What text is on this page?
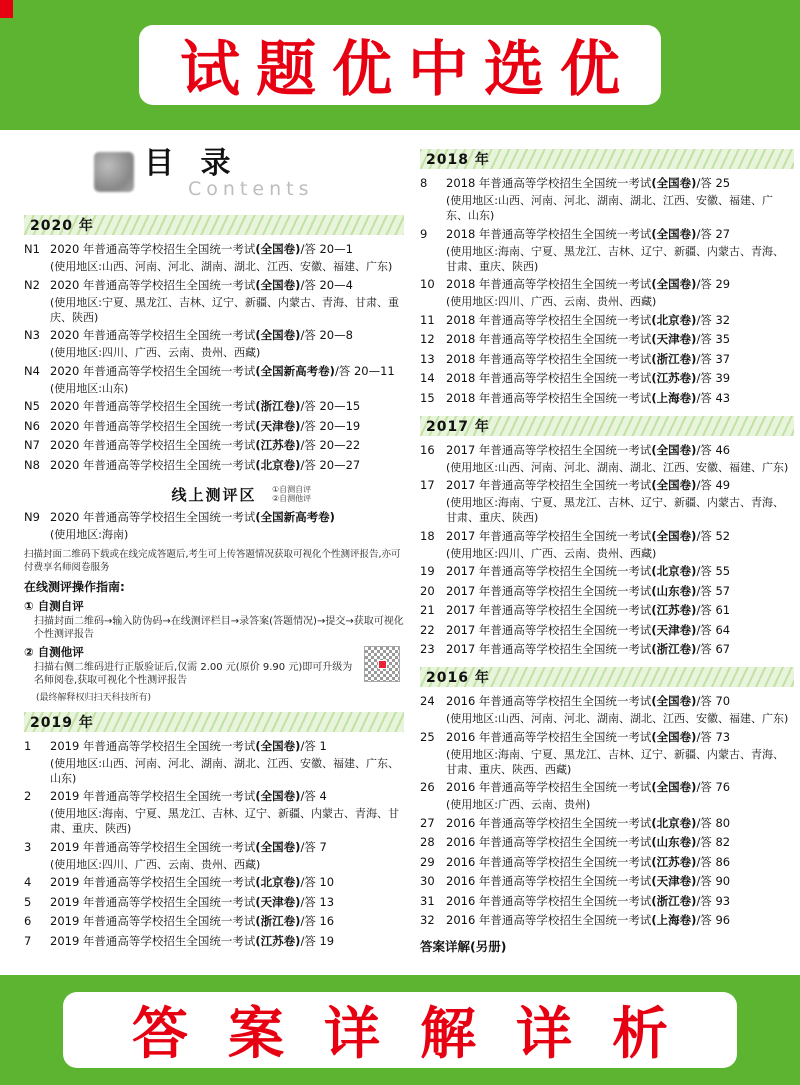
试题优中选优
目 录
Contents
2020 年
N1 2020 年普通高等学校招生全国统一考试(全国卷)/答 20—1
(使用地区:山西、河南、河北、湖南、湖北、江西、安徽、福建、广东)
N2 2020 年普通高等学校招生全国统一考试(全国卷)/答 20—4
(使用地区:宁夏、黑龙江、吉林、辽宁、新疆、内蒙古、青海、甘肃、重庆、陕西)
N3 2020 年普通高等学校招生全国统一考试(全国卷)/答 20—8
(使用地区:四川、广西、云南、贵州、西藏)
N4 2020 年普通高等学校招生全国统一考试(全国新高考卷)/答 20—11
(使用地区:山东)
N5 2020 年普通高等学校招生全国统一考试(浙江卷)/答 20—15
N6 2020 年普通高等学校招生全国统一考试(天津卷)/答 20—19
N7 2020 年普通高等学校招生全国统一考试(江苏卷)/答 20—22
N8 2020 年普通高等学校招生全国统一考试(北京卷)/答 20—27
线上测评区 ①自测自评
②自测他评
N9 2020 年普通高等学校招生全国统一考试(全国新高考卷)
(使用地区:海南)

扫描封面二维码下载或在线完成答题后,考生可上传答题情况获取可视化个性测评报告,亦可付费享名师阅卷服务

在线测评操作指南:

① 自测自评

扫描封面二维码→输入防伪码→在线测评栏目→录答案(答题情况)→提交→获取可视化个性测评报告

② 自测他评

扫描右侧二维码进行正版验证后,仅需 2.00 元(原价 9.90 元)即可升级为名师阅卷,获取可视化个性测评报告

(最终解释权归扫天科技所有)

2019 年
1	2019 年普通高等学校招生全国统一考试(全国卷)/答 1
(使用地区:山西、河南、河北、湖南、湖北、江西、安徽、福建、广东、山东)
2	2019 年普通高等学校招生全国统一考试(全国卷)/答 4
(使用地区:海南、宁夏、黑龙江、吉林、辽宁、新疆、内蒙古、青海、甘肃、重庆、陕西)
3	2019 年普通高等学校招生全国统一考试(全国卷)/答 7
(使用地区:四川、广西、云南、贵州、西藏)
4	2019 年普通高等学校招生全国统一考试(北京卷)/答 10
5	2019 年普通高等学校招生全国统一考试(天津卷)/答 13
6	2019 年普通高等学校招生全国统一考试(浙江卷)/答 16
7	2019 年普通高等学校招生全国统一考试(江苏卷)/答 19
2018 年
8	2018 年普通高等学校招生全国统一考试(全国卷)/答 25
(使用地区:山西、河南、河北、湖南、湖北、江西、安徽、福建、广东、山东)
9	2018 年普通高等学校招生全国统一考试(全国卷)/答 27
(使用地区:海南、宁夏、黑龙江、吉林、辽宁、新疆、内蒙古、青海、甘肃、重庆、陕西)
10 2018 年普通高等学校招生全国统一考试(全国卷)/答 29
(使用地区:四川、广西、云南、贵州、西藏)
11 2018 年普通高等学校招生全国统一考试(北京卷)/答 32
12 2018 年普通高等学校招生全国统一考试(天津卷)/答 35
13 2018 年普通高等学校招生全国统一考试(浙江卷)/答 37
14 2018 年普通高等学校招生全国统一考试(江苏卷)/答 39
15 2018 年普通高等学校招生全国统一考试(上海卷)/答 43
2017 年
16 2017 年普通高等学校招生全国统一考试(全国卷)/答 46
(使用地区:山西、河南、河北、湖南、湖北、江西、安徽、福建、广东)
17 2017 年普通高等学校招生全国统一考试(全国卷)/答 49
(使用地区:海南、宁夏、黑龙江、吉林、辽宁、新疆、内蒙古、青海、甘肃、重庆、陕西)
18 2017 年普通高等学校招生全国统一考试(全国卷)/答 52
(使用地区:四川、广西、云南、贵州、西藏)
19 2017 年普通高等学校招生全国统一考试(北京卷)/答 55
20 2017 年普通高等学校招生全国统一考试(山东卷)/答 57
21 2017 年普通高等学校招生全国统一考试(江苏卷)/答 61
22 2017 年普通高等学校招生全国统一考试(天津卷)/答 64
23 2017 年普通高等学校招生全国统一考试(浙江卷)/答 67
2016 年
24 2016 年普通高等学校招生全国统一考试(全国卷)/答 70
(使用地区:山西、河南、河北、湖南、湖北、江西、安徽、福建、广东)
25 2016 年普通高等学校招生全国统一考试(全国卷)/答 73
(使用地区:海南、宁夏、黑龙江、吉林、辽宁、新疆、内蒙古、青海、甘肃、重庆、陕西、西藏)
26 2016 年普通高等学校招生全国统一考试(全国卷)/答 76
(使用地区:广西、云南、贵州)
27 2016 年普通高等学校招生全国统一考试(北京卷)/答 80
28 2016 年普通高等学校招生全国统一考试(山东卷)/答 82
29 2016 年普通高等学校招生全国统一考试(江苏卷)/答 86
30 2016 年普通高等学校招生全国统一考试(天津卷)/答 90
31 2016 年普通高等学校招生全国统一考试(浙江卷)/答 93
32 2016 年普通高等学校招生全国统一考试(上海卷)/答 96

答案详解(另册)

答案详解详析
